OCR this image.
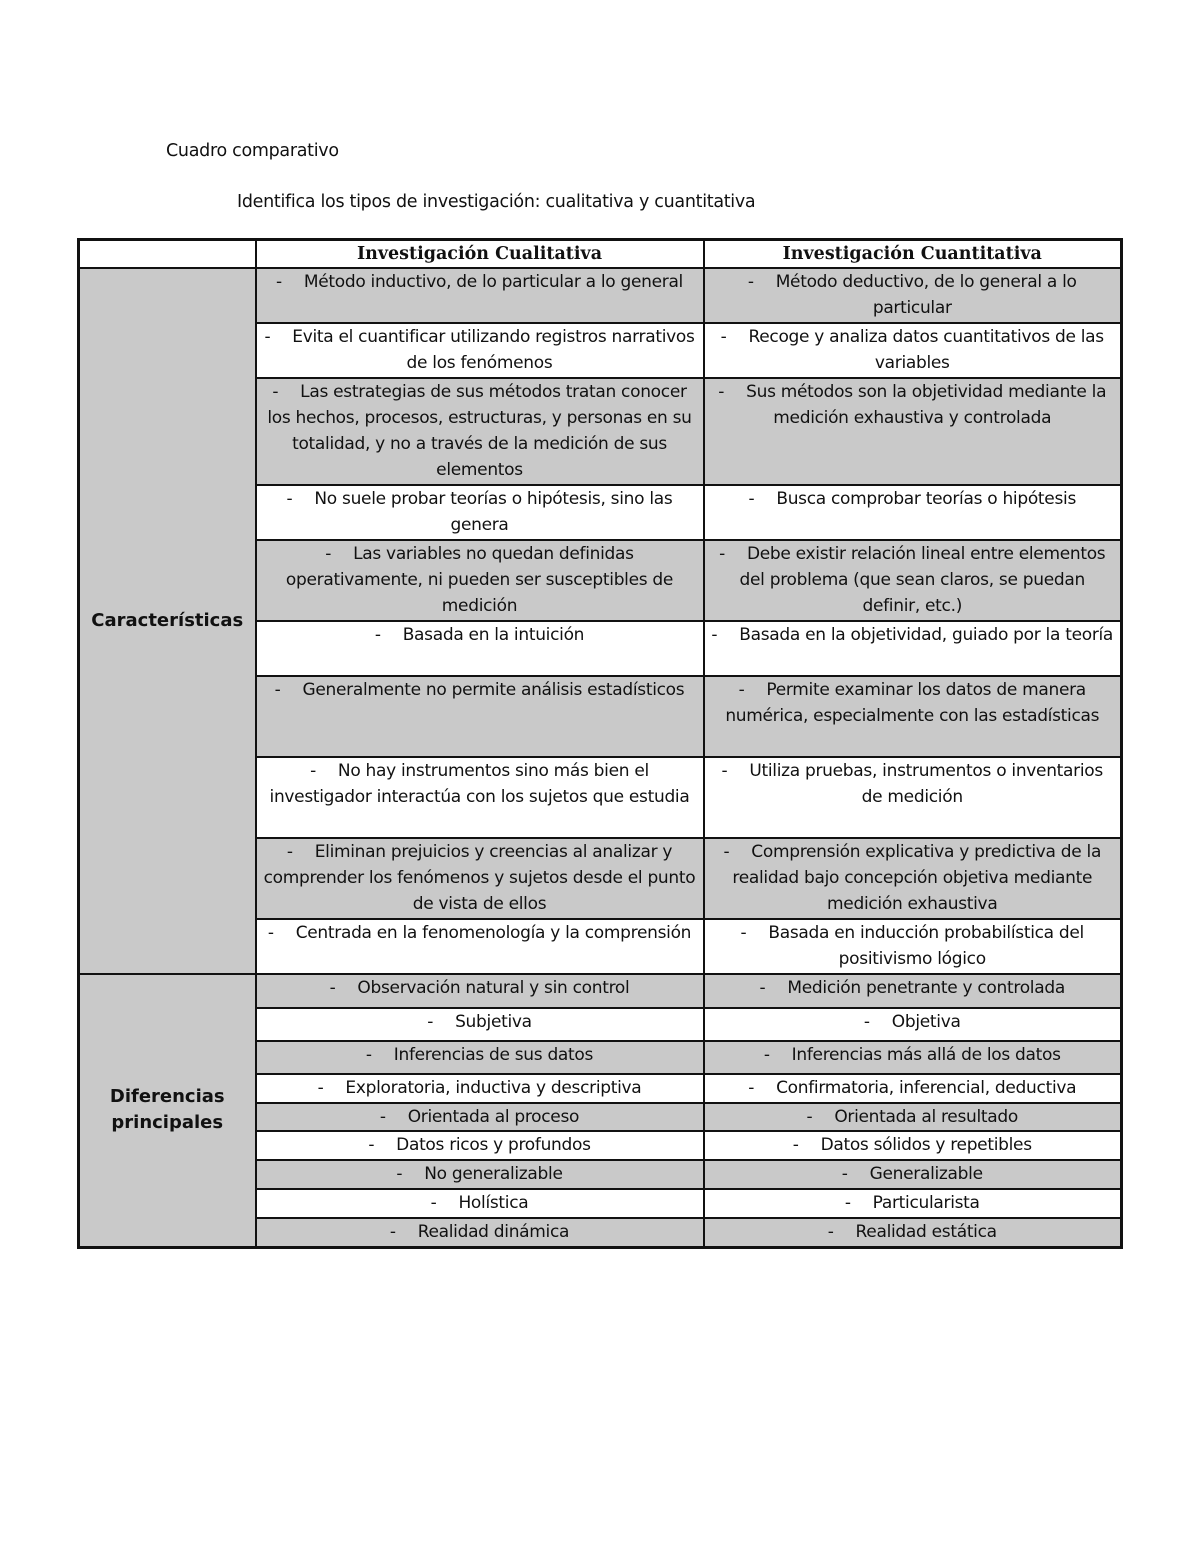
Cuadro comparativo
Identifica los tipos de investigación: cualitativa y cuantitativa
	Investigación Cualitativa	Investigación Cuantitativa
Características	- Método inductivo, de lo particular a lo general	- Método deductivo, de lo general a lo particular
	- Evita el cuantificar utilizando registros narrativos de los fenómenos	- Recoge y analiza datos cuantitativos de las variables
	- Las estrategias de sus métodos tratan conocer los hechos, procesos, estructuras, y personas en su totalidad, y no a través de la medición de sus elementos	- Sus métodos son la objetividad mediante la medición exhaustiva y controlada
	- No suele probar teorías o hipótesis, sino las genera	- Busca comprobar teorías o hipótesis
	- Las variables no quedan definidas operativamente, ni pueden ser susceptibles de medición	- Debe existir relación lineal entre elementos del problema (que sean claros, se puedan definir, etc.)
	- Basada en la intuición	- Basada en la objetividad, guiado por la teoría
	- Generalmente no permite análisis estadísticos	- Permite examinar los datos de manera numérica, especialmente con las estadísticas
	- No hay instrumentos sino más bien el investigador interactúa con los sujetos que estudia	- Utiliza pruebas, instrumentos o inventarios de medición
	- Eliminan prejuicios y creencias al analizar y comprender los fenómenos y sujetos desde el punto de vista de ellos	- Comprensión explicativa y predictiva de la realidad bajo concepción objetiva mediante medición exhaustiva
	- Centrada en la fenomenología y la comprensión	- Basada en inducción probabilística del positivismo lógico
Diferencias principales	- Observación natural y sin control	- Medición penetrante y controlada
	- Subjetiva	- Objetiva
	- Inferencias de sus datos	- Inferencias más allá de los datos
	- Exploratoria, inductiva y descriptiva	- Confirmatoria, inferencial, deductiva
	- Orientada al proceso	- Orientada al resultado
	- Datos ricos y profundos	- Datos sólidos y repetibles
	- No generalizable	- Generalizable
	- Holística	- Particularista
	- Realidad dinámica	- Realidad estática
